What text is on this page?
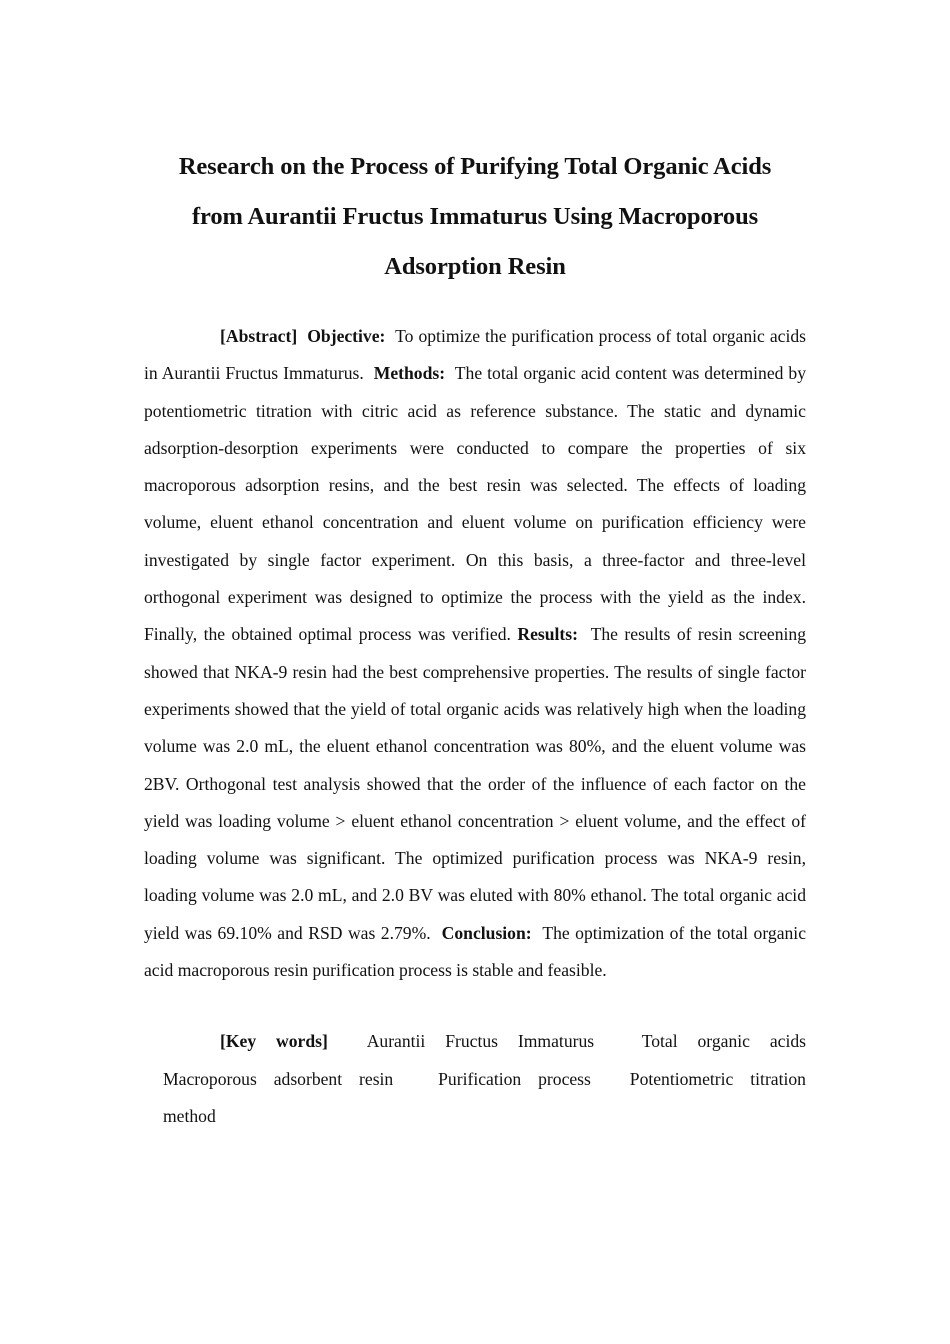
Research on the Process of Purifying Total Organic Acids
from Aurantii Fructus Immaturus Using Macroporous
Adsorption Resin

[Abstract] Objective: To optimize the purification process of total organic acids in Aurantii Fructus Immaturus. Methods: The total organic acid content was determined by potentiometric titration with citric acid as reference substance. The static and dynamic adsorption-desorption experiments were conducted to compare the properties of six macroporous adsorption resins, and the best resin was selected. The effects of loading volume, eluent ethanol concentration and eluent volume on purification efficiency were investigated by single factor experiment. On this basis, a three-factor and three-level orthogonal experiment was designed to optimize the process with the yield as the index. Finally, the obtained optimal process was verified. Results: The results of resin screening showed that NKA-9 resin had the best comprehensive properties. The results of single factor experiments showed that the yield of total organic acids was relatively high when the loading volume was 2.0 mL, the eluent ethanol concentration was 80%, and the eluent volume was 2BV. Orthogonal test analysis showed that the order of the influence of each factor on the yield was loading volume > eluent ethanol concentration > eluent volume, and the effect of loading volume was significant. The optimized purification process was NKA-9 resin, loading volume was 2.0 mL, and 2.0 BV was eluted with 80% ethanol. The total organic acid yield was 69.10% and RSD was 2.79%. Conclusion: The optimization of the total organic acid macroporous resin purification process is stable and feasible.

[Key words] Aurantii Fructus Immaturus	Total organic acids Macroporous adsorbent resin	Purification process Potentiometric titration method
